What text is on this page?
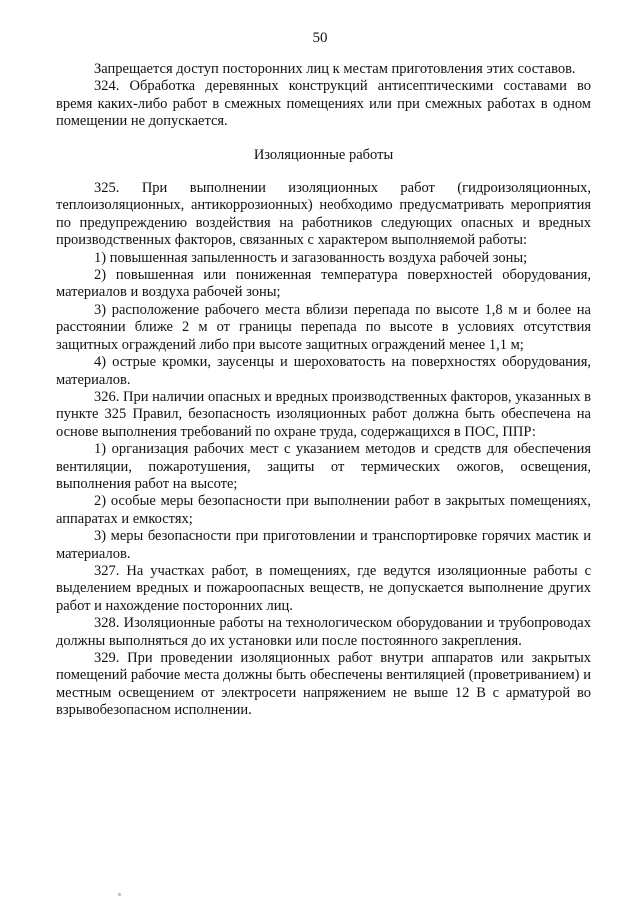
50

Запрещается доступ посторонних лиц к местам приготовления этих составов.

324. Обработка деревянных конструкций антисептическими составами во время каких-либо работ в смежных помещениях или при смежных работах в одном помещении не допускается.

Изоляционные работы

325. При выполнении изоляционных работ (гидроизоляционных, теплоизоляционных, антикоррозионных) необходимо предусматривать мероприятия по предупреждению воздействия на работников следующих опасных и вредных производственных факторов, связанных с характером выполняемой работы:

1) повышенная запыленность и загазованность воздуха рабочей зоны;

2) повышенная или пониженная температура поверхностей оборудования, материалов и воздуха рабочей зоны;

3) расположение рабочего места вблизи перепада по высоте 1,8 м и более на расстоянии ближе 2 м от границы перепада по высоте в условиях отсутствия защитных ограждений либо при высоте защитных ограждений менее 1,1 м;

4) острые кромки, заусенцы и шероховатость на поверхностях оборудования, материалов.

326. При наличии опасных и вредных производственных факторов, указанных в пункте 325 Правил, безопасность изоляционных работ должна быть обеспечена на основе выполнения требований по охране труда, содержащихся в ПОС, ППР:

1) организация рабочих мест с указанием методов и средств для обеспечения вентиляции, пожаротушения, защиты от термических ожогов, освещения, выполнения работ на высоте;

2) особые меры безопасности при выполнении работ в закрытых помещениях, аппаратах и емкостях;

3) меры безопасности при приготовлении и транспортировке горячих мастик и материалов.

327. На участках работ, в помещениях, где ведутся изоляционные работы с выделением вредных и пожароопасных веществ, не допускается выполнение других работ и нахождение посторонних лиц.

328. Изоляционные работы на технологическом оборудовании и трубопроводах должны выполняться до их установки или после постоянного закрепления.

329. При проведении изоляционных работ внутри аппаратов или закрытых помещений рабочие места должны быть обеспечены вентиляцией (проветриванием) и местным освещением от электросети напряжением не выше 12 В с арматурой во взрывобезопасном исполнении.
